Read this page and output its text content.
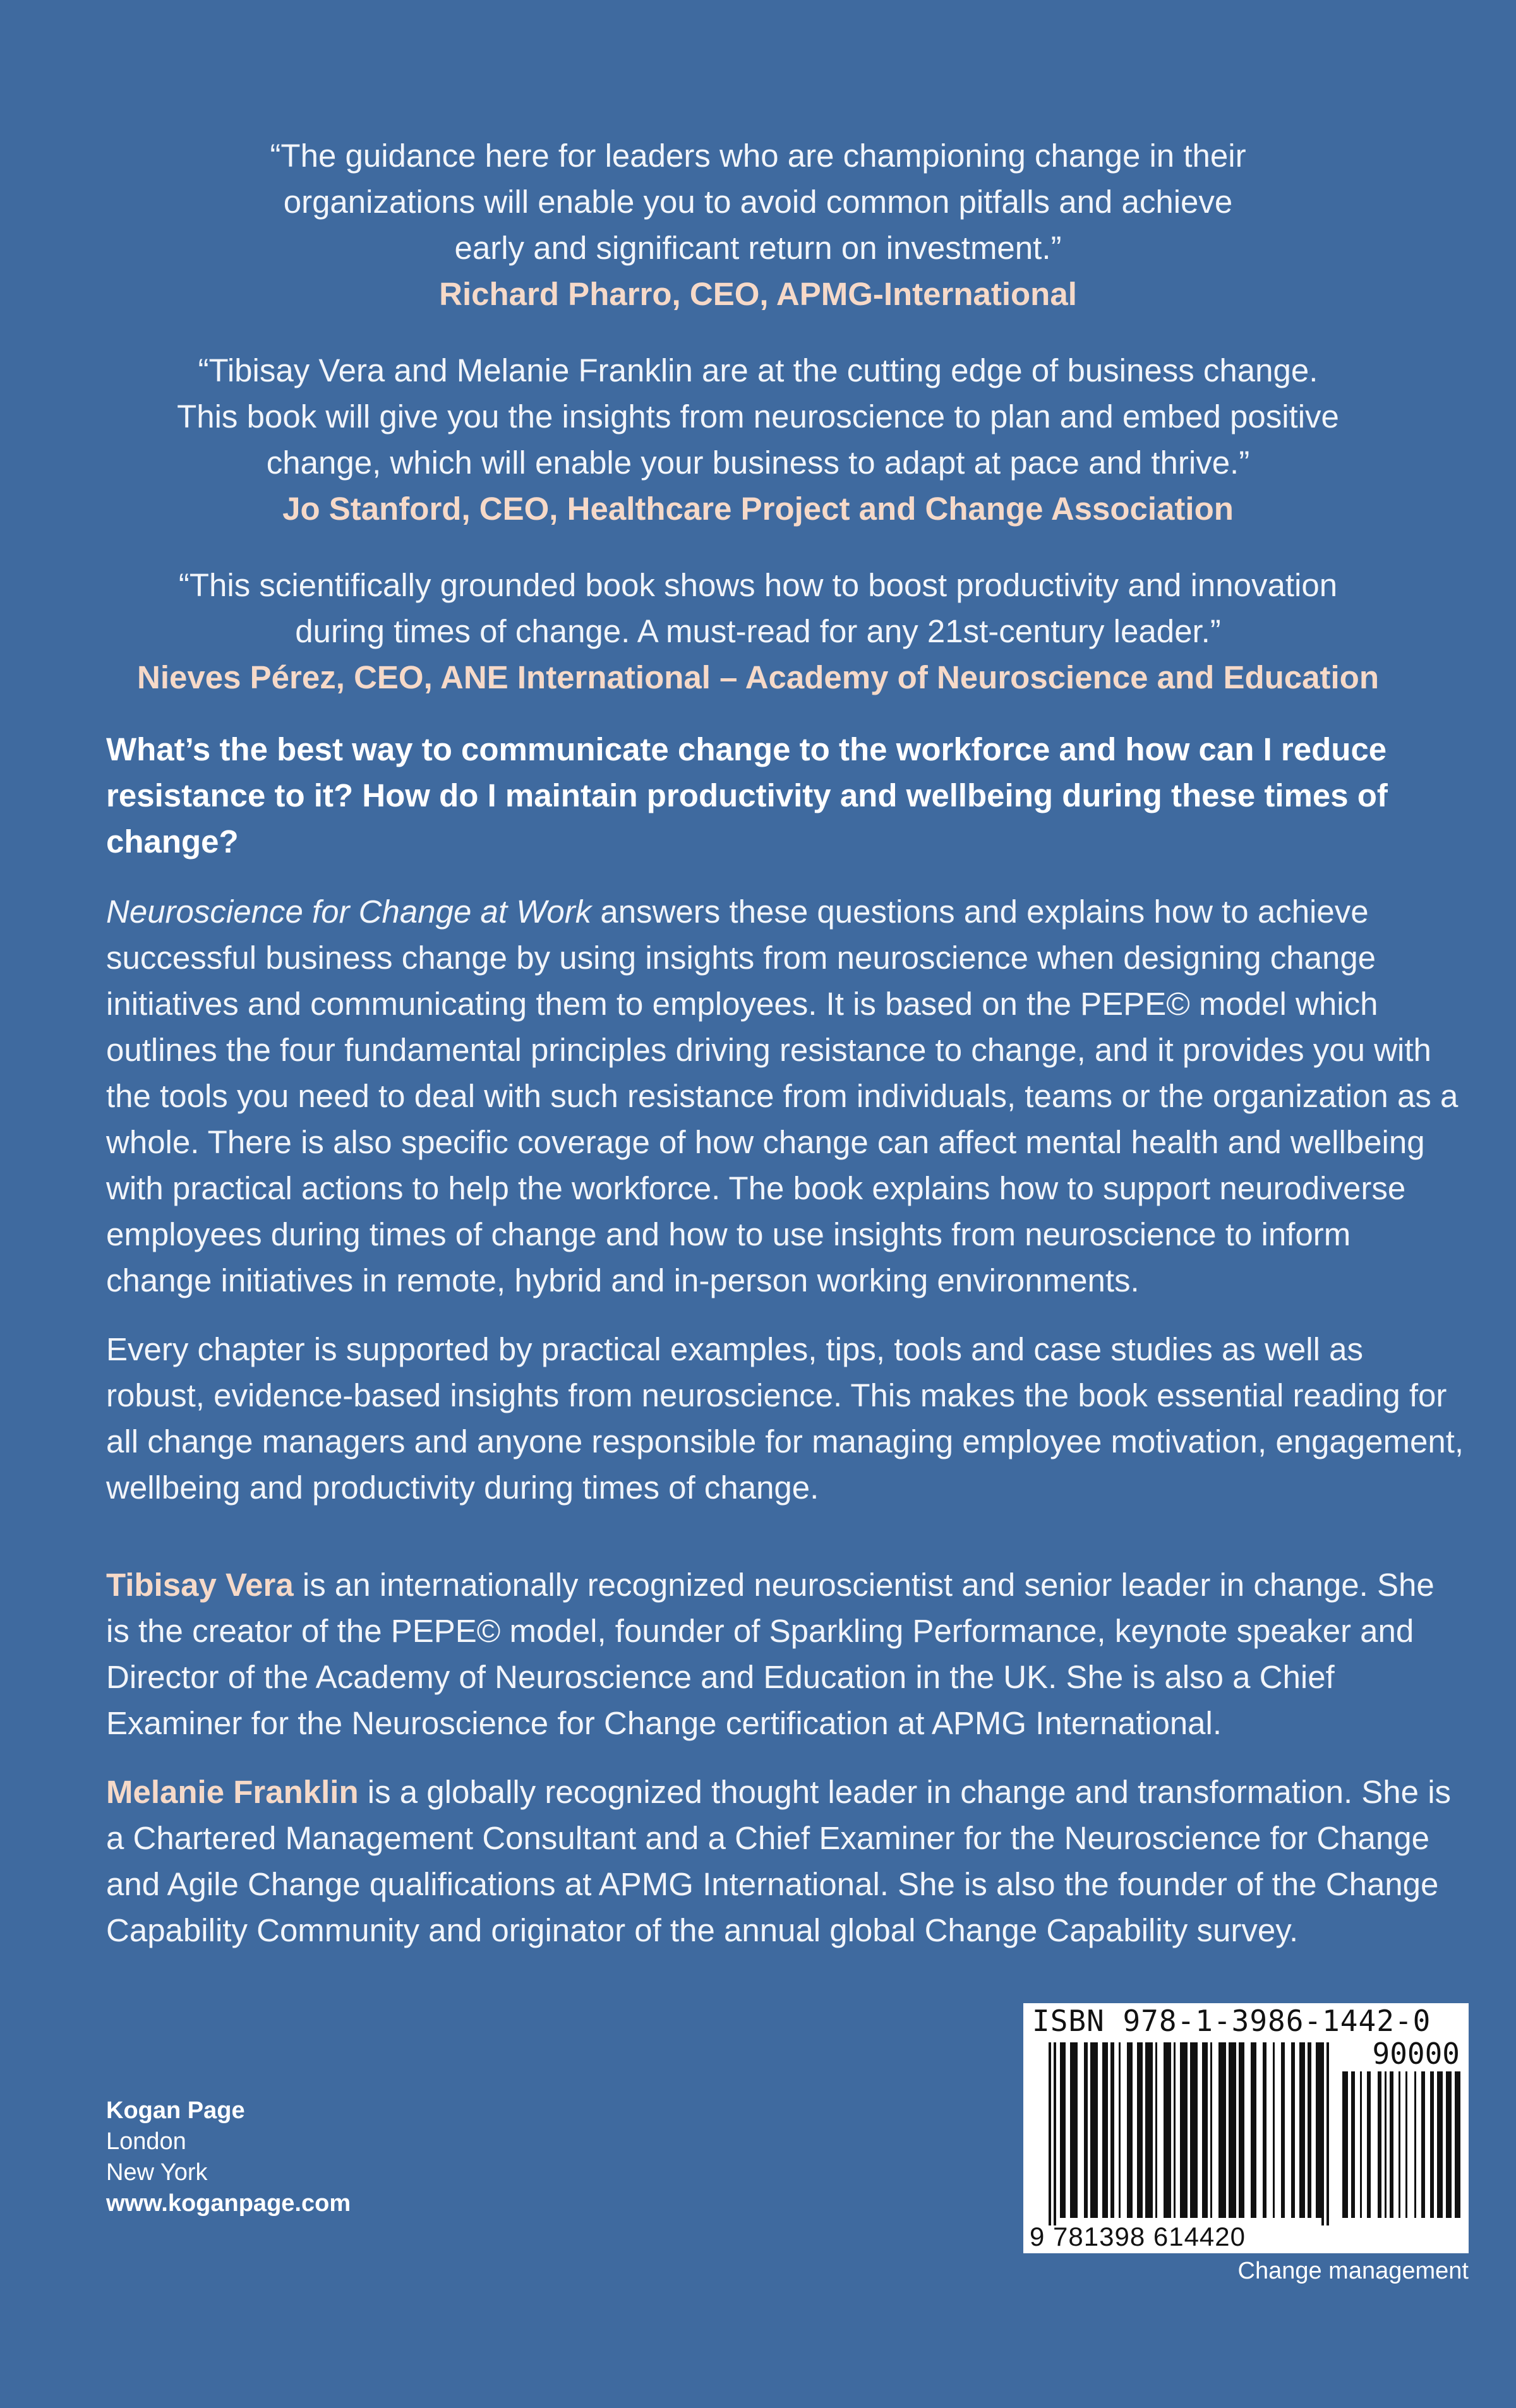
“The guidance here for leaders who are championing change in their
organizations will enable you to avoid common pitfalls and achieve
early and significant return on investment.”
Richard Pharro, CEO, APMG-International
“Tibisay Vera and Melanie Franklin are at the cutting edge of business change.
This book will give you the insights from neuroscience to plan and embed positive
change, which will enable your business to adapt at pace and thrive.”
Jo Stanford, CEO, Healthcare Project and Change Association
“This scientifically grounded book shows how to boost productivity and innovation
during times of change. A must-read for any 21st-century leader.”
Nieves Pérez, CEO, ANE International – Academy of Neuroscience and Education

What’s the best way to communicate change to the workforce and how can I reduce resistance to it? How do I maintain productivity and wellbeing during these times of change?

Neuroscience for Change at Work answers these questions and explains how to achieve successful business change by using insights from neuroscience when designing change initiatives and communicating them to employees. It is based on the PEPE© model which outlines the four fundamental principles driving resistance to change, and it provides you with the tools you need to deal with such resistance from individuals, teams or the organization as a whole. There is also specific coverage of how change can affect mental health and wellbeing with practical actions to help the workforce. The book explains how to support neurodiverse employees during times of change and how to use insights from neuroscience to inform change initiatives in remote, hybrid and in-person working environments.

Every chapter is supported by practical examples, tips, tools and case studies as well as robust, evidence-based insights from neuroscience. This makes the book essential reading for all change managers and anyone responsible for managing employee motivation, engagement, wellbeing and productivity during times of change.

Tibisay Vera is an internationally recognized neuroscientist and senior leader in change. She is the creator of the PEPE© model, founder of Sparkling Performance, keynote speaker and Director of the Academy of Neuroscience and Education in the UK. She is also a Chief Examiner for the Neuroscience for Change certification at APMG International.

Melanie Franklin is a globally recognized thought leader in change and transformation. She is a Chartered Management Consultant and a Chief Examiner for the Neuroscience for Change and Agile Change qualifications at APMG International. She is also the founder of the Change Capability Community and originator of the annual global Change Capability survey.

Kogan Page
London
New York
www.koganpage.com
ISBN 978-1-3986-1442-0
90000
9 781398 614420
Change management
